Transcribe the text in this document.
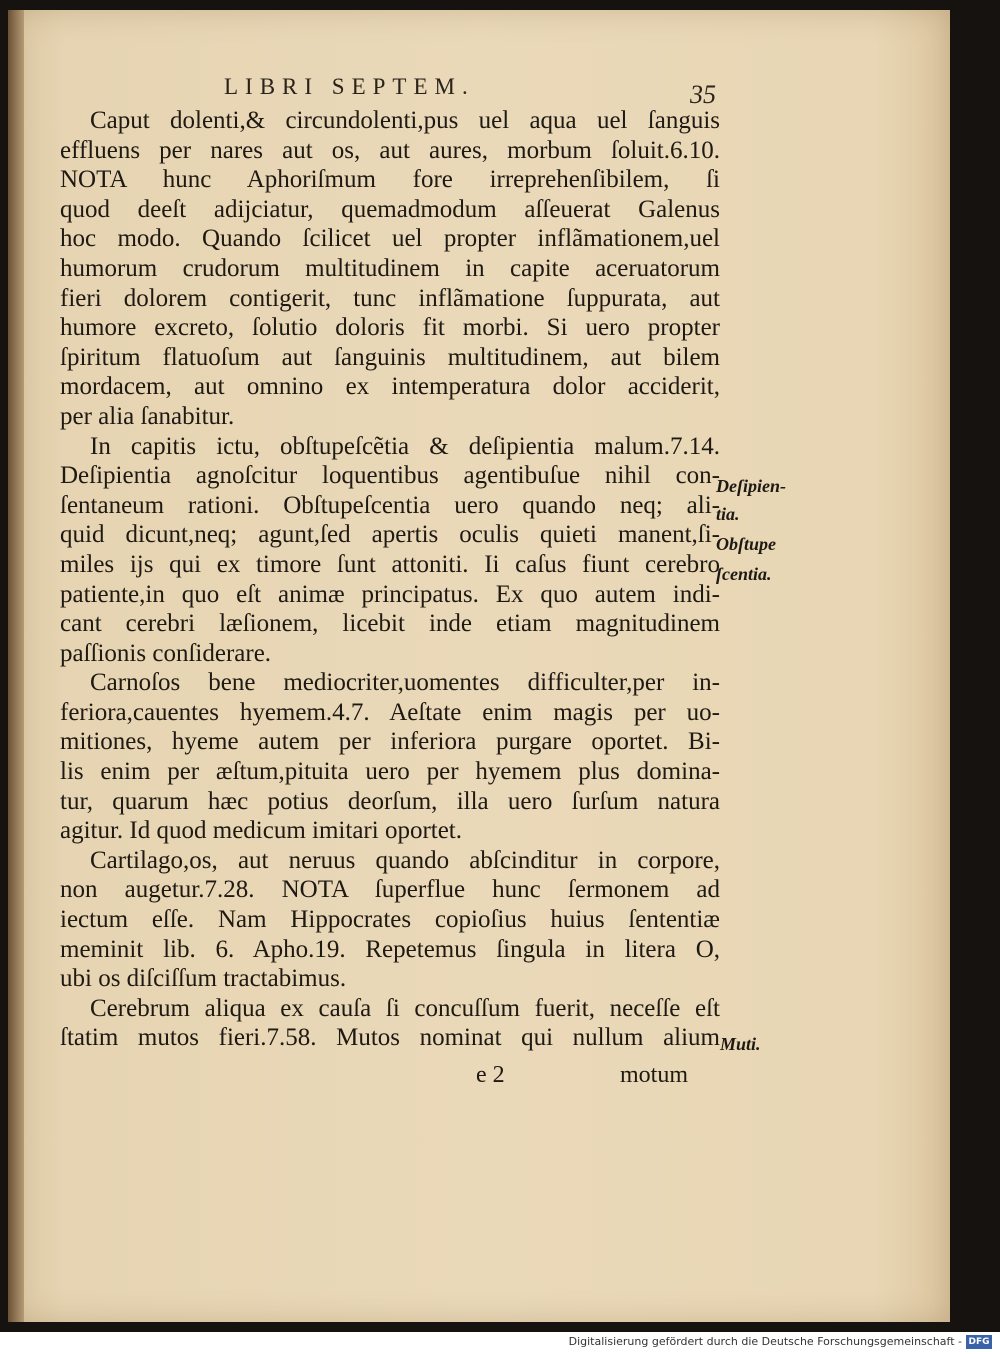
LIBRI SEPTEM.	35

Caput dolenti,& circundolenti,pus uel aqua uel ſanguis
effluens per nares aut os, aut aures, morbum ſoluit.6.10.
NOTA hunc Aphoriſmum fore irreprehenſibilem, ſi
quod deeſt adijciatur, quemadmodum aſſeuerat Galenus
hoc modo. Quando ſcilicet uel propter inflãmationem,uel
humorum crudorum multitudinem in capite aceruatorum
fieri dolorem contigerit, tunc inflãmatione ſuppurata, aut
humore excreto, ſolutio doloris fit morbi. Si uero propter
ſpiritum flatuoſum aut ſanguinis multitudinem, aut bilem
mordacem, aut omnino ex intemperatura dolor acciderit,
per alia ſanabitur.

In capitis ictu, obſtupeſcẽtia & deſipientia malum.7.14.
Deſipientia agnoſcitur loquentibus agentibuſue nihil con-
ſentaneum rationi. Obſtupeſcentia uero quando neq; ali-
quid dicunt,neq; agunt,ſed apertis oculis quieti manent,ſi-
miles ijs qui ex timore ſunt attoniti. Ii caſus fiunt cerebro
patiente,in quo eſt animæ principatus. Ex quo autem indi-
cant cerebri læſionem, licebit inde etiam magnitudinem
paſſionis conſiderare.

Carnoſos bene mediocriter,uomentes difficulter,per in-
feriora,cauentes hyemem.4.7. Aeſtate enim magis per uo-
mitiones, hyeme autem per inferiora purgare oportet. Bi-
lis enim per æſtum,pituita uero per hyemem plus domina-
tur, quarum hæc potius deorſum, illa uero ſurſum natura
agitur. Id quod medicum imitari oportet.

Cartilago,os, aut neruus quando abſcinditur in corpore,
non augetur.7.28. NOTA ſuperflue hunc ſermonem ad
iectum eſſe. Nam Hippocrates copioſius huius ſententiæ
meminit lib. 6. Apho.19. Repetemus ſingula in litera O,
ubi os diſciſſum tractabimus.

Cerebrum aliqua ex cauſa ſi concuſſum fuerit, neceſſe eſt
ſtatim mutos fieri.7.58. Mutos nominat qui nullum alium

Deſipien-
tia.
Obſtupe
ſcentia.
Muti.
e 2	motum
Digitalisierung gefördert durch die Deutsche Forschungsgemeinschaft - DFG
